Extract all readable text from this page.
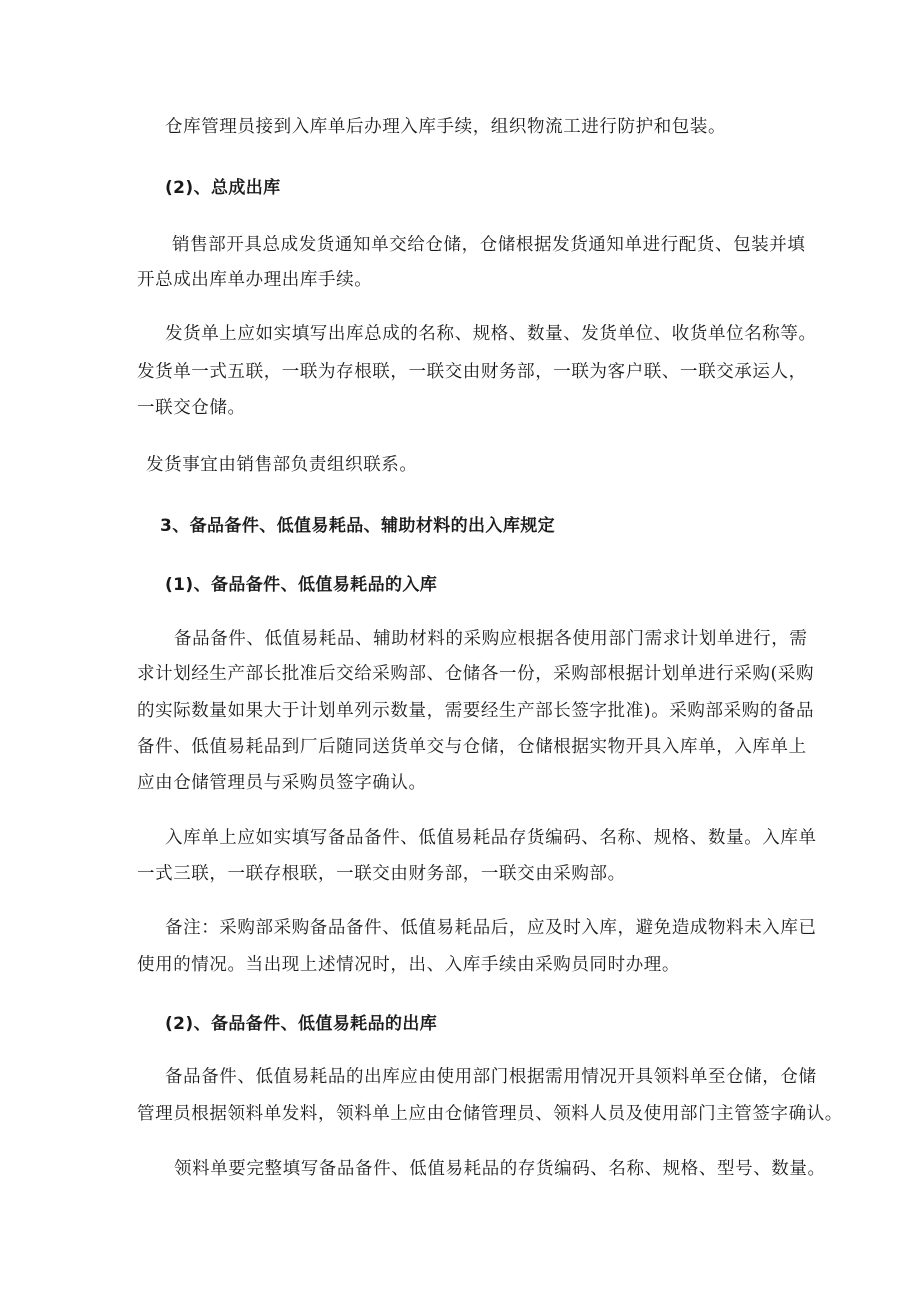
仓库管理员接到入库单后办理入库手续，组织物流工进行防护和包装。
(2)、总成出库
销售部开具总成发货通知单交给仓储，仓储根据发货通知单进行配货、包装并填
开总成出库单办理出库手续。
发货单上应如实填写出库总成的名称、规格、数量、发货单位、收货单位名称等。
发货单一式五联，一联为存根联，一联交由财务部，一联为客户联、一联交承运人，
一联交仓储。
发货事宜由销售部负责组织联系。
3、备品备件、低值易耗品、辅助材料的出入库规定
(1)、备品备件、低值易耗品的入库
备品备件、低值易耗品、辅助材料的采购应根据各使用部门需求计划单进行，需
求计划经生产部长批准后交给采购部、仓储各一份，采购部根据计划单进行采购(采购
的实际数量如果大于计划单列示数量，需要经生产部长签字批准)。采购部采购的备品
备件、低值易耗品到厂后随同送货单交与仓储，仓储根据实物开具入库单，入库单上
应由仓储管理员与采购员签字确认。
入库单上应如实填写备品备件、低值易耗品存货编码、名称、规格、数量。入库单
一式三联，一联存根联，一联交由财务部，一联交由采购部。
备注：采购部采购备品备件、低值易耗品后，应及时入库，避免造成物料未入库已
使用的情况。当出现上述情况时，出、入库手续由采购员同时办理。
(2)、备品备件、低值易耗品的出库
备品备件、低值易耗品的出库应由使用部门根据需用情况开具领料单至仓储，仓储
管理员根据领料单发料，领料单上应由仓储管理员、领料人员及使用部门主管签字确认。
领料单要完整填写备品备件、低值易耗品的存货编码、名称、规格、型号、数量。
